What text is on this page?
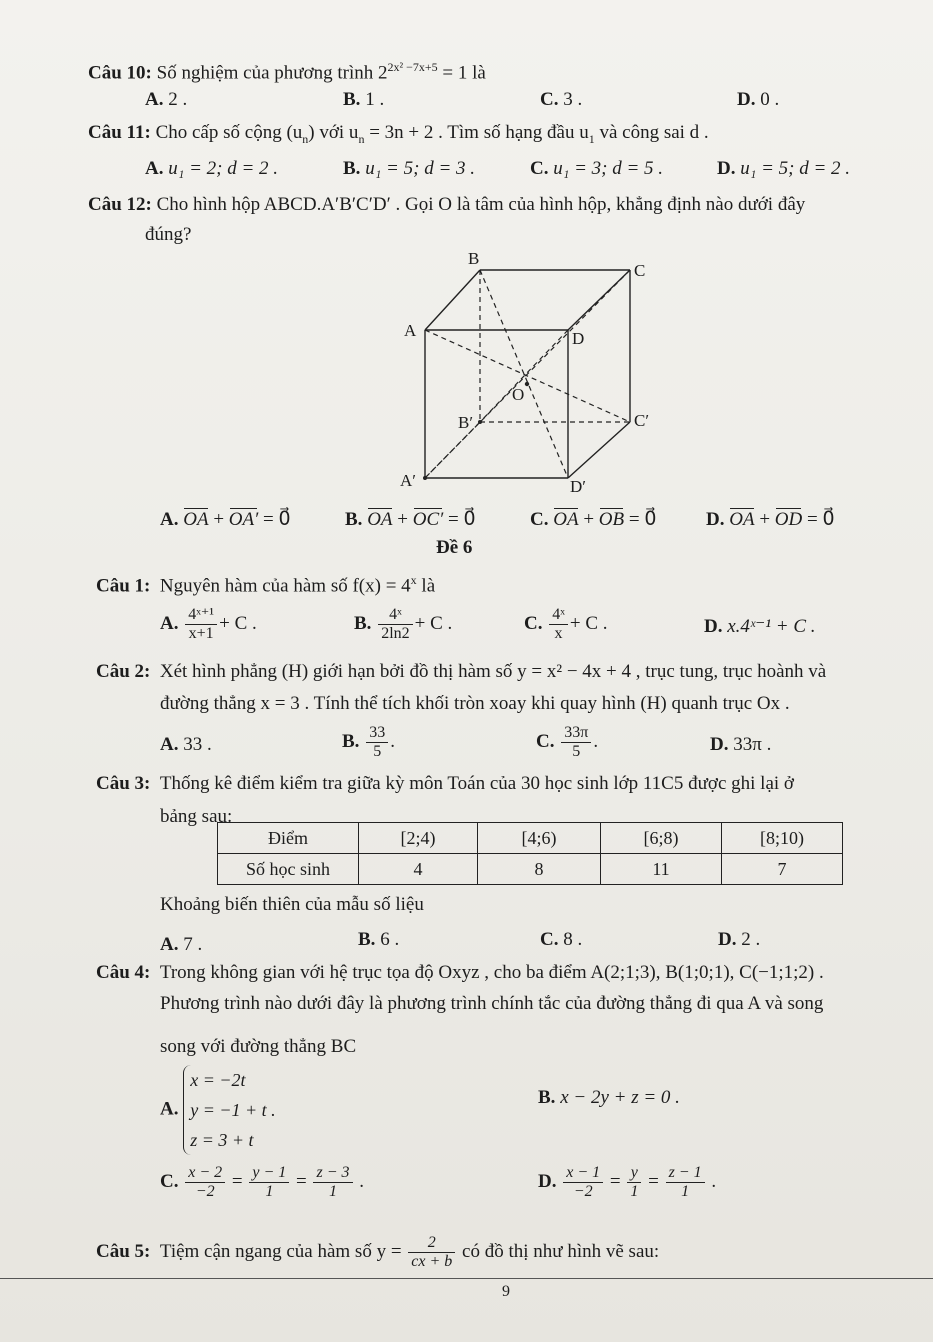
Câu 10: Số nghiệm của phương trình $2^{2x^2 -7x+5} = 1$ là
A. 2 .	B. 1 .	C. 3 .	D. 0 .
Câu 11: Cho cấp số cộng $(u_n)$ với $u_n = 3n + 2$ . Tìm số hạng đầu $u_1$ và công sai d .
A. u₁ = 2; d = 2 .	B. u₁ = 5; d = 3 .	C. u₁ = 3; d = 5 .	D. u₁ = 5; d = 2 .
Câu 12: Cho hình hộp ABCD.A′B′C′D′ . Gọi O là tâm của hình hộp, khẳng định nào dưới đây
đúng?
B
C
A	D
O
B′	C′
A′	D′
A. OA + OA′ = 0⃗	B. OA + OC′ = 0⃗	C. OA + OB = 0⃗	D. OA + OD = 0⃗
Đề 6
Câu 1: Nguyên hàm của hàm số $f(x) = 4^x$ là
A. $\frac{\text{4ˣ⁺¹}}{x+1} + C$ .	B. $\frac{\text{4ˣ}}{2\ln 2} + C$ .	C. $\frac{\text{4ˣ}}{x} + C$ .	D. x.4ˣ⁻¹ + C .
Câu 2: Xét hình phẳng (H) giới hạn bởi đồ thị hàm số y = x² − 4x + 4 , trục tung, trục hoành và
đường thẳng x = 3 . Tính thể tích khối tròn xoay khi quay hình (H) quanh trục Ox .
A. 33 .	B. $\frac{33}{5}$ .	C. $\frac{33\pi}{5}$ .	D. 33π .
Câu 3: Thống kê điểm kiểm tra giữa kỳ môn Toán của 30 học sinh lớp 11C5 được ghi lại ở
bảng sau:
Điểm	[2;4)	[4;6)	[6;8)	[8;10)
Số học sinh	4	8	11	7
Khoảng biến thiên của mẫu số liệu
A. 7 .	B. 6 .	C. 8 .	D. 2 .
Câu 4: Trong không gian với hệ trục tọa độ Oxyz , cho ba điểm A(2;1;3), B(1;0;1), C(−1;1;2) .
Phương trình nào dưới đây là phương trình chính tắc của đường thẳng đi qua A và song
song với đường thẳng BC
A.
x = −2t
y = −1 + t .
z = 3 + t
B. x − 2y + z = 0 .
C. $\frac{x - 2}{-2} = \frac{y - 1}{1} = \frac{z - 3}{1}$ .	D. $\frac{x - 1}{-2} = \frac{y}{1} = \frac{z - 1}{1}$ .
Câu 5: Tiệm cận ngang của hàm số $y = \frac{2}{cx + b}$ có đồ thị như hình vẽ sau:
9
